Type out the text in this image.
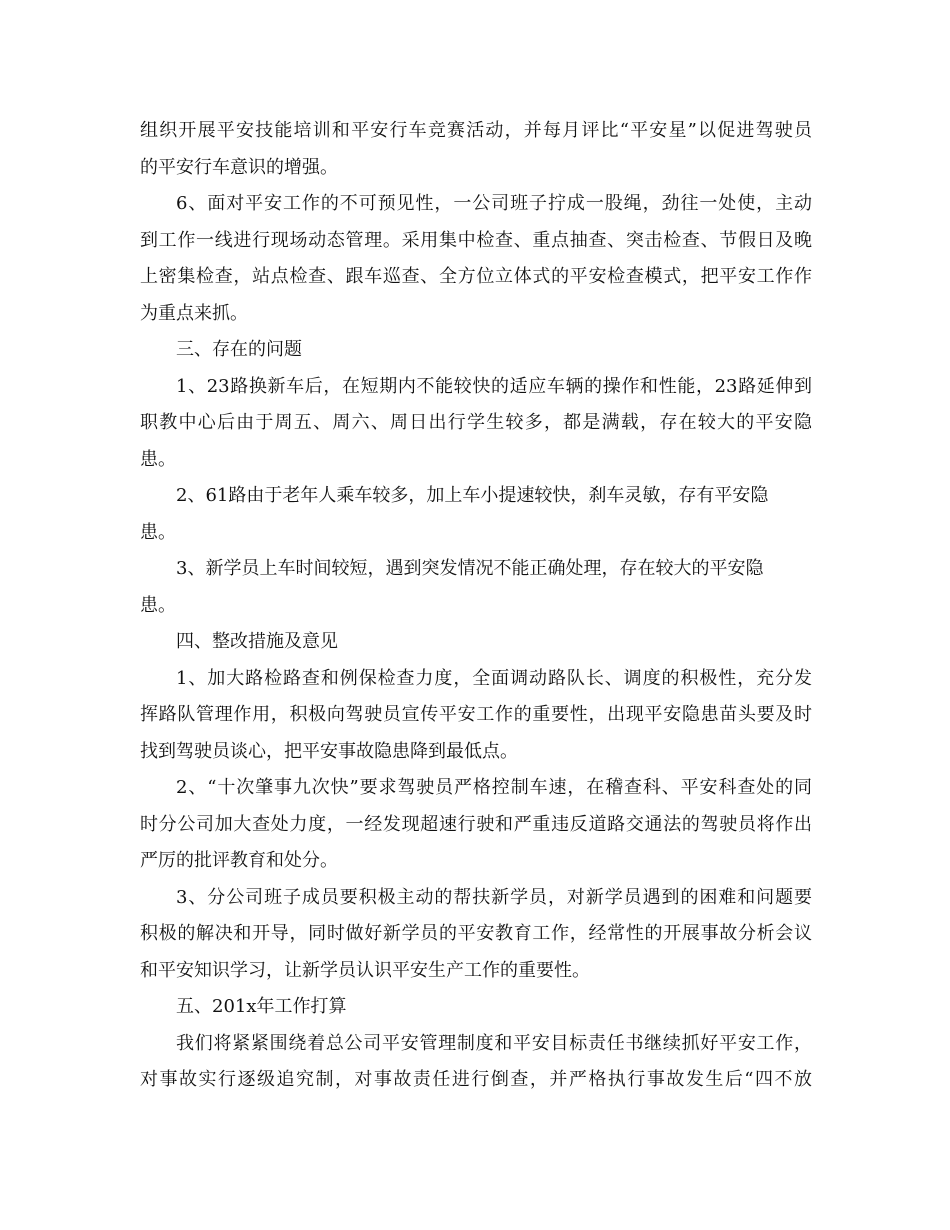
组织开展平安技能培训和平安行车竞赛活动，并每月评比“平安星”以促进驾驶员
的平安行车意识的增强。
6、面对平安工作的不可预见性，一公司班子拧成一股绳，劲往一处使，主动
到工作一线进行现场动态管理。采用集中检查、重点抽查、突击检查、节假日及晚
上密集检查，站点检查、跟车巡查、全方位立体式的平安检查模式，把平安工作作
为重点来抓。
三、存在的问题
1、23路换新车后，在短期内不能较快的适应车辆的操作和性能，23路延伸到
职教中心后由于周五、周六、周日出行学生较多，都是满载，存在较大的平安隐
患。
2、61路由于老年人乘车较多，加上车小提速较快，刹车灵敏，存有平安隐
患。
3、新学员上车时间较短，遇到突发情况不能正确处理，存在较大的平安隐
患。
四、整改措施及意见
1、加大路检路查和例保检查力度，全面调动路队长、调度的积极性，充分发
挥路队管理作用，积极向驾驶员宣传平安工作的重要性，出现平安隐患苗头要及时
找到驾驶员谈心，把平安事故隐患降到最低点。
2、“十次肇事九次快”要求驾驶员严格控制车速，在稽查科、平安科查处的同
时分公司加大查处力度，一经发现超速行驶和严重违反道路交通法的驾驶员将作出
严厉的批评教育和处分。
3、分公司班子成员要积极主动的帮扶新学员，对新学员遇到的困难和问题要
积极的解决和开导，同时做好新学员的平安教育工作，经常性的开展事故分析会议
和平安知识学习，让新学员认识平安生产工作的重要性。
五、201x年工作打算
我们将紧紧围绕着总公司平安管理制度和平安目标责任书继续抓好平安工作，
对事故实行逐级追究制，对事故责任进行倒查，并严格执行事故发生后“四不放
